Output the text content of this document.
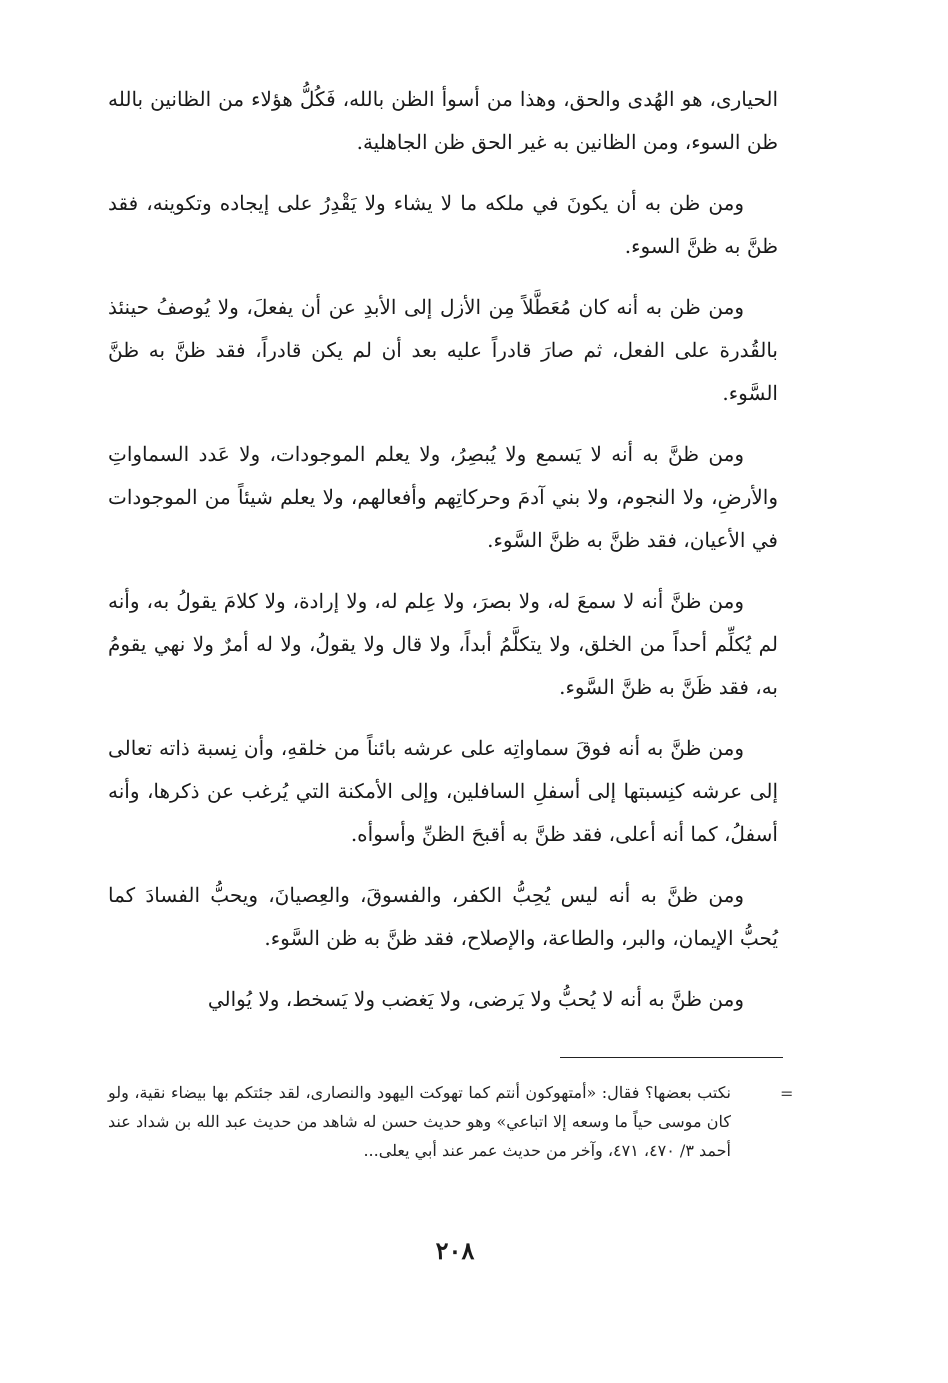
الحيارى، هو الهُدى والحق، وهذا من أسوأ الظن بالله، فَكُلُّ هؤلاء من الظانين بالله ظن السوء، ومن الظانين به غير الحق ظن الجاهلية.

ومن ظن به أن يكونَ في ملكه ما لا يشاء ولا يَقْدِرُ على إيجاده وتكوينه، فقد ظنَّ به ظنَّ السوء.

ومن ظن به أنه كان مُعَطَّلاً مِن الأزل إلى الأبدِ عن أن يفعلَ، ولا يُوصفُ حينئذ بالقُدرة على الفعل، ثم صارَ قادراً عليه بعد أن لم يكن قادراً، فقد ظنَّ به ظنَّ السَّوء.

ومن ظنَّ به أنه لا يَسمع ولا يُبصِرُ، ولا يعلم الموجودات، ولا عَدد السماواتِ والأرضِ، ولا النجوم، ولا بني آدمَ وحركاتِهم وأفعالهم، ولا يعلم شيئاً من الموجودات في الأعيان، فقد ظنَّ به ظنَّ السَّوء.

ومن ظنَّ أنه لا سمعَ له، ولا بصرَ، ولا عِلم له، ولا إرادة، ولا كلامَ يقولُ به، وأنه لم يُكلِّم أحداً من الخلق، ولا يتكلَّمُ أبداً، ولا قال ولا يقولُ، ولا له أمرٌ ولا نهي يقومُ به، فقد ظَنَّ به ظنَّ السَّوء.

ومن ظنَّ به أنه فوقَ سماواتِه على عرشه بائناً من خلقهِ، وأن نِسبة ذاته تعالى إلى عرشه كنِسبتها إلى أسفلِ السافلين، وإلى الأمكنة التي يُرغب عن ذكرها، وأنه أسفلُ، كما أنه أعلى، فقد ظنَّ به أقبحَ الظنِّ وأسوأه.

ومن ظنَّ به أنه ليس يُحِبُّ الكفر، والفسوقَ، والعِصيانَ، ويحبُّ الفسادَ كما يُحبُّ الإيمان، والبر، والطاعة، والإصلاح، فقد ظنَّ به ظن السَّوء.

ومن ظنَّ به أنه لا يُحبُّ ولا يَرضى، ولا يَغضب ولا يَسخط، ولا يُوالي

=
نكتب بعضها؟ فقال: «أمتهوكون أنتم كما تهوكت اليهود والنصارى، لقد جئتكم بها بيضاء نقية، ولو كان موسى حياً ما وسعه إلا اتباعي» وهو حديث حسن له شاهد من حديث عبد الله بن شداد عند أحمد ٣/ ٤٧٠، ٤٧١، وآخر من حديث عمر عند أبي يعلى...
٢٠٨
